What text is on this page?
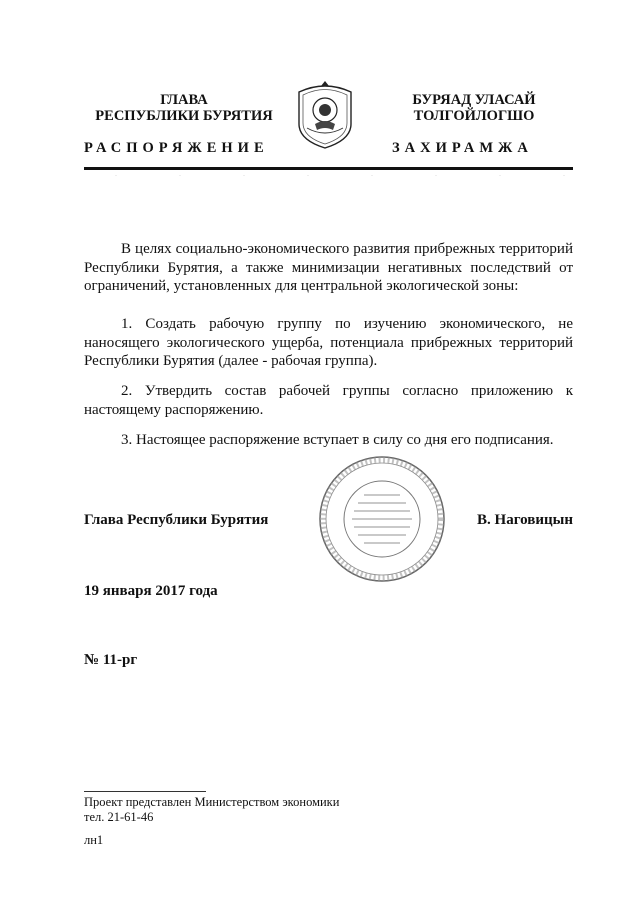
ГЛАВА
РЕСПУБЛИКИ БУРЯТИЯ
БУРЯАД УЛАСАЙ
ТОЛГОЙЛОГШО
РАСПОРЯЖЕНИЕ	ЗАХИРАМЖА
В целях социально-экономического развития прибрежных территорий Республики Бурятия, а также минимизации негативных последствий от ограничений, установленных для центральной экологической зоны:
1. Создать рабочую группу по изучению экономического, не наносящего экологического ущерба, потенциала прибрежных территорий Республики Бурятия (далее - рабочая группа).
2. Утвердить состав рабочей группы согласно приложению к настоящему распоряжению.
3. Настоящее распоряжение вступает в силу со дня его подписания.
Глава Республики Бурятия	В. Наговицын
19 января 2017 года
№ 11-рг
Проект представлен Министерством экономики
тел. 21-61-46
лн1
